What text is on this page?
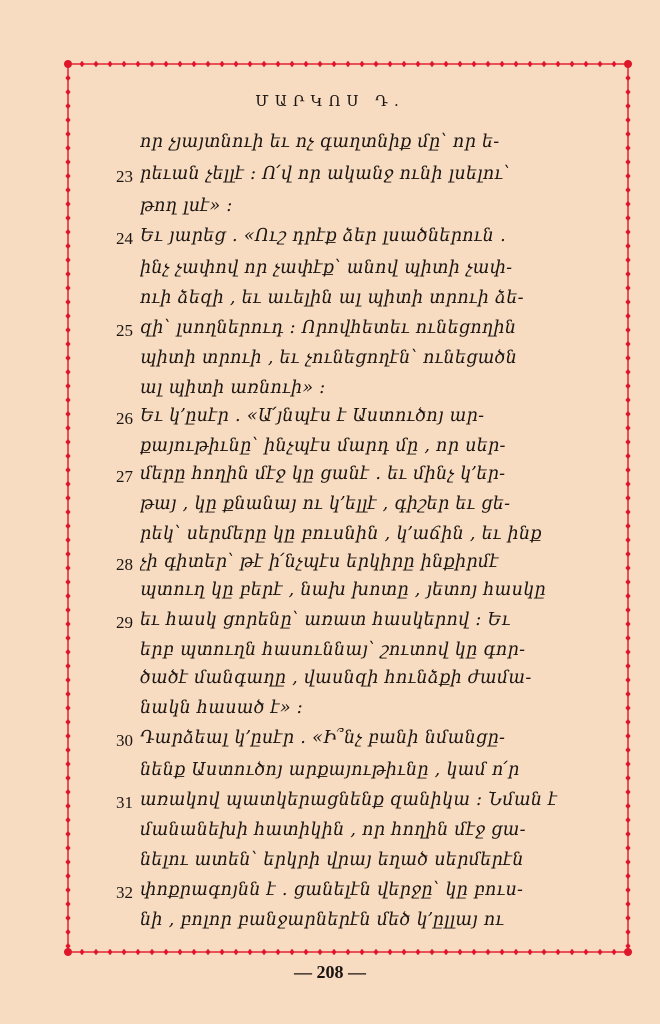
ՄԱՐԿՈՍ Դ.
23
24
25
26
27
28
29
30
31
32
որ չյայտնուի եւ ոչ գաղտնիք մը՝ որ ե-
րեւան չելլէ ։ Ո՛վ որ ականջ ունի լսելու՝
թող լսէ» ։
Եւ յարեց ․ «Ուշ դրէք ձեր լսածներուն ․
ինչ չափով որ չափէք՝ անով պիտի չափ-
ուի ձեզի , եւ աւելին ալ պիտի տրուի ձե-
զի՝ լսողներուդ ։ Որովհետեւ ունեցողին
պիտի տրուի , եւ չունեցողէն՝ ունեցածն
ալ պիտի առնուի» ։
Եւ կ՚ըսէր ․ «Ա՛յնպէս է Աստուծոյ ար-
քայութիւնը՝ ինչպէս մարդ մը , որ սեր-
մերը հողին մէջ կը ցանէ ․ եւ մինչ կ՚եր-
թայ , կը քնանայ ու կ՚ելլէ , գիշեր եւ ցե-
րեկ՝ սերմերը կը բուսնին , կ՚աճին , եւ ինք
չի գիտեր՝ թէ ի՛նչպէս երկիրը ինքիրմէ
պտուղ կը բերէ , նախ խոտը , յետոյ հասկը
եւ հասկ ցորենը՝ առատ հասկերով ։ Եւ
երբ պտուղն հասուննայ՝ շուտով կը գոր-
ծածէ մանգաղը , վասնզի հունձքի ժամա-
նակն հասած է» ։
Դարձեալ կ՚ըսէր ․ «Ի՞նչ բանի նմանցը-
նենք Աստուծոյ արքայութիւնը , կամ ո՛ր
առակով պատկերացնենք զանիկա ։ Նման է
մանանեխի հատիկին , որ հողին մէջ ցա-
նելու ատեն՝ երկրի վրայ եղած սերմերէն
փոքրագոյնն է ․ ցանելէն վերջը՝ կը բուս-
նի , բոլոր բանջարներէն մեծ կ՚ըլլայ ու
— 208 —
